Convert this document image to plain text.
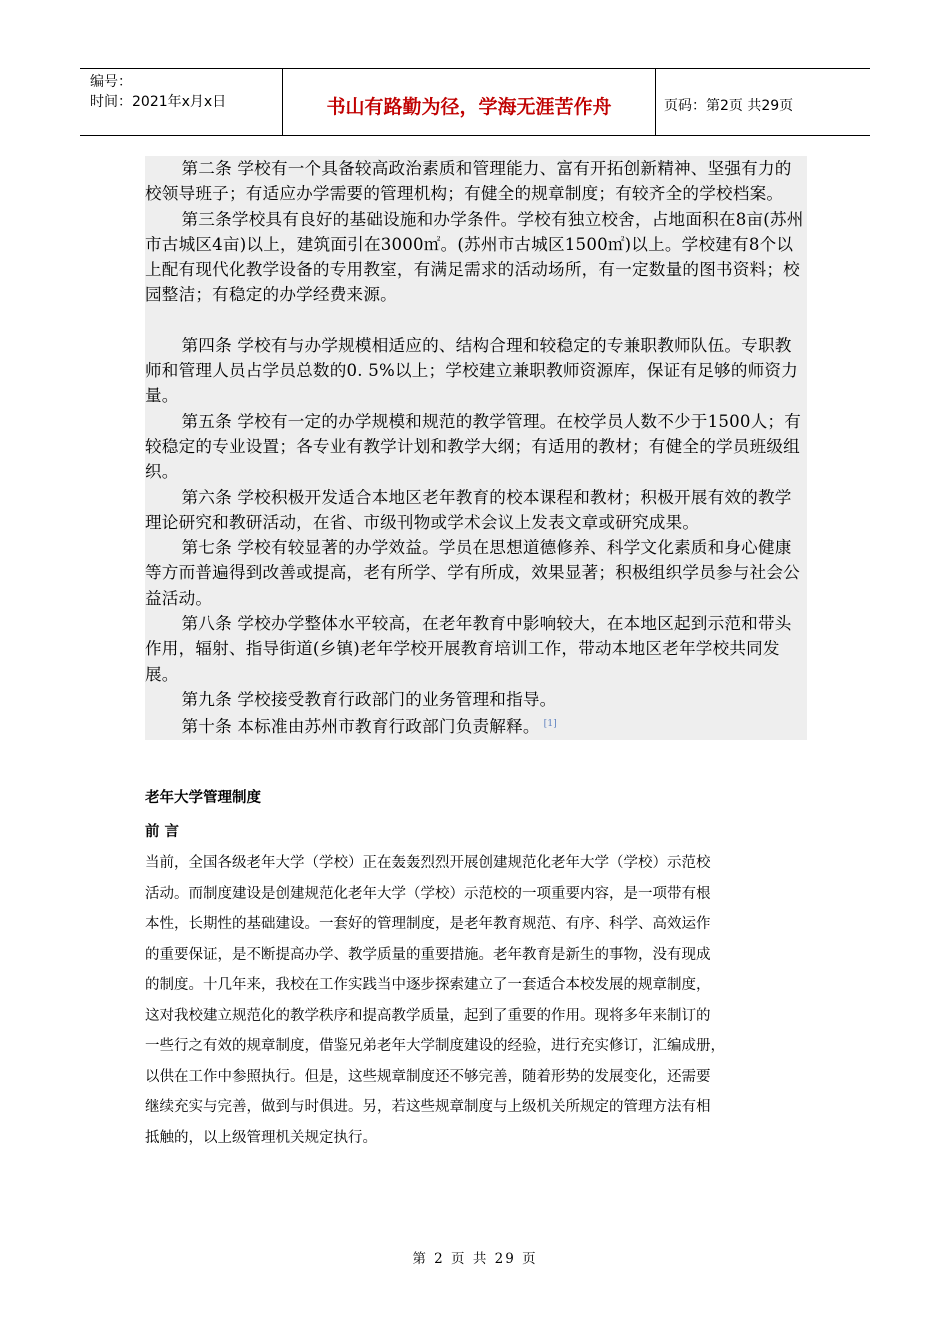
编号：
时间：2021年x月x日	书山有路勤为径，学海无涯苦作舟	页码：第2页 共29页

第二条 学校有一个具备较高政治素质和管理能力、富有开拓创新精神、坚强有力的校领导班子；有适应办学需要的管理机构；有健全的规章制度；有较齐全的学校档案。

第三条学校具有良好的基础设施和办学条件。学校有独立校舍，占地面积在8亩(苏州市古城区4亩)以上，建筑面引在3000㎡。(苏州市古城区1500㎡)以上。学校建有8个以上配有现代化教学设备的专用教室，有满足需求的活动场所，有一定数量的图书资料；校园整洁；有稳定的办学经费来源。

第四条 学校有与办学规模相适应的、结构合理和较稳定的专兼职教师队伍。专职教师和管理人员占学员总数的0. 5%以上；学校建立兼职教师资源库，保证有足够的师资力量。

第五条 学校有一定的办学规模和规范的教学管理。在校学员人数不少于1500人；有较稳定的专业设置；各专业有教学计划和教学大纲；有适用的教材；有健全的学员班级组织。

第六条 学校积极开发适合本地区老年教育的校本课程和教材；积极开展有效的教学理论研究和教研活动，在省、市级刊物或学术会议上发表文章或研究成果。

第七条 学校有较显著的办学效益。学员在思想道德修养、科学文化素质和身心健康等方而普遍得到改善或提高，老有所学、学有所成，效果显著；积极组织学员参与社会公益活动。

第八条 学校办学整体水平较高，在老年教育中影响较大，在本地区起到示范和带头作用，辐射、指导街道(乡镇)老年学校开展教育培训工作，带动本地区老年学校共同发展。

第九条 学校接受教育行政部门的业务管理和指导。

第十条 本标准由苏州市教育行政部门负责解释。 [1]

老年大学管理制度
前 言

当前，全国各级老年大学（学校）正在轰轰烈烈开展创建规范化老年大学（学校）示范校

活动。而制度建设是创建规范化老年大学（学校）示范校的一项重要内容，是一项带有根

本性，长期性的基础建设。一套好的管理制度，是老年教育规范、有序、科学、高效运作

的重要保证，是不断提高办学、教学质量的重要措施。老年教育是新生的事物，没有现成

的制度。十几年来，我校在工作实践当中逐步探索建立了一套适合本校发展的规章制度，

这对我校建立规范化的教学秩序和提高教学质量，起到了重要的作用。现将多年来制订的

一些行之有效的规章制度，借鉴兄弟老年大学制度建设的经验，进行充实修订，汇编成册，

以供在工作中参照执行。但是，这些规章制度还不够完善，随着形势的发展变化，还需要

继续充实与完善，做到与时俱进。另，若这些规章制度与上级机关所规定的管理方法有相

抵触的，以上级管理机关规定执行。

第 2 页 共 29 页
